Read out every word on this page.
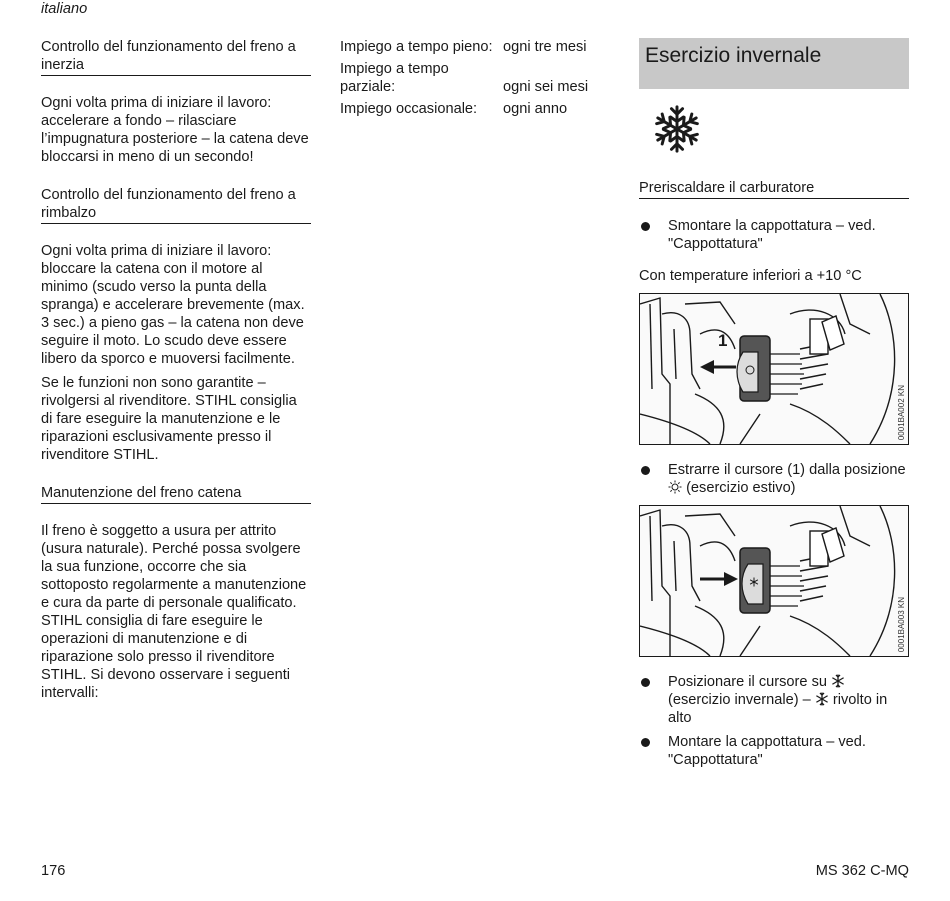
italiano
Controllo del funzionamento del freno a inerzia

Ogni volta prima di iniziare il lavoro: accelerare a fondo – rilasciare l’impugnatura posteriore – la catena deve bloccarsi in meno di un secondo!

Controllo del funzionamento del freno a rimbalzo

Ogni volta prima di iniziare il lavoro: bloccare la catena con il motore al minimo (scudo verso la punta della spranga) e accelerare brevemente (max. 3 sec.) a pieno gas – la catena non deve seguire il moto. Lo scudo deve essere libero da sporco e muoversi facilmente.

Se le funzioni non sono garantite – rivolgersi al rivenditore. STIHL consiglia di fare eseguire la manutenzione e le riparazioni esclusivamente presso il rivenditore STIHL.

Manutenzione del freno catena

Il freno è soggetto a usura per attrito (usura naturale). Perché possa svolgere la sua funzione, occorre che sia sottoposto regolarmente a manutenzione e cura da parte di personale qualificato. STIHL consiglia di fare eseguire le operazioni di manutenzione e di riparazione solo presso il rivenditore STIHL. Si devono osservare i seguenti intervalli:

Impiego a tempo pieno:	ogni tre mesi
Impiego a tempo parziale:	ogni sei mesi
Impiego occasionale:	ogni anno
Esercizio invernale
Preriscaldare il carburatore
Smontare la cappottatura – ved. "Cappottatura"
Con temperature inferiori a +10 °C
1
0001BA002 KN
Estrarre il cursore (1) dalla posizione  (esercizio estivo)
0001BA003 KN
Posizionare il cursore su  (esercizio invernale) – rivolto in alto
Montare la cappottatura – ved. "Cappottatura"
176	MS 362 C-MQ
